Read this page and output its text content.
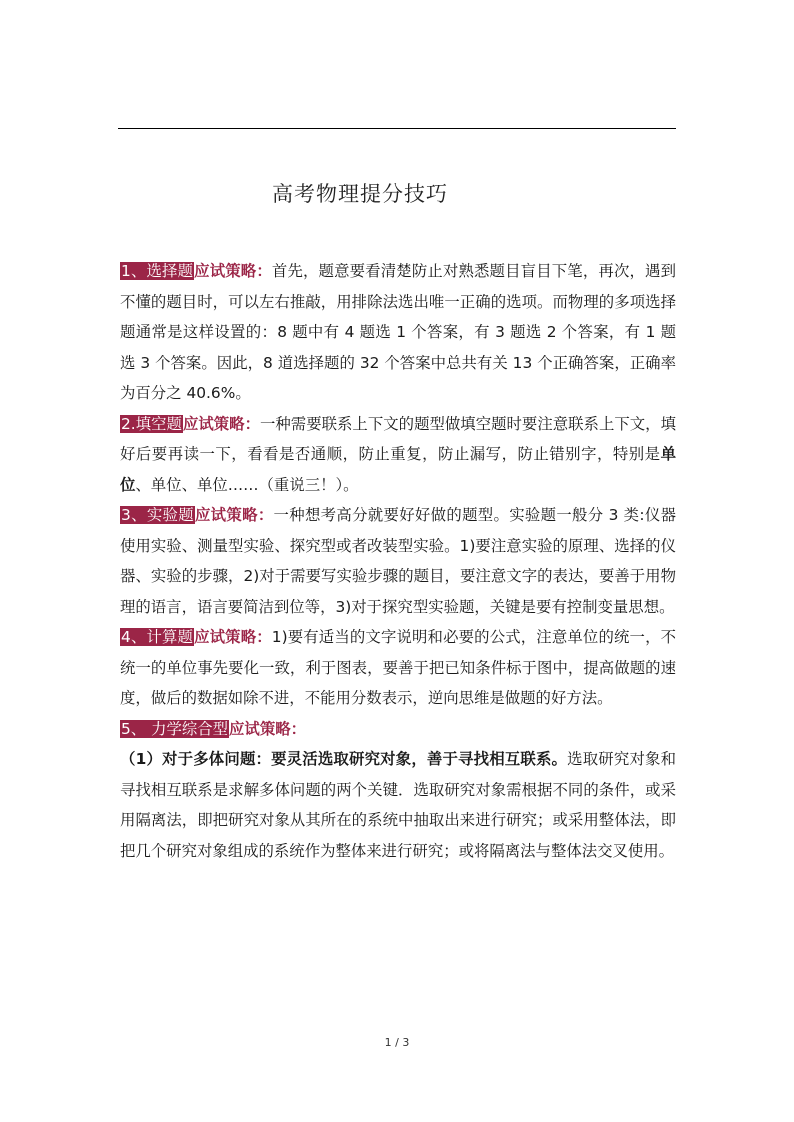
高考物理提分技巧

1、选择题应试策略：首先，题意要看清楚防止对熟悉题目盲目下笔，再次，遇到不懂的题目时，可以左右推敲，用排除法选出唯一正确的选项。而物理的多项选择题通常是这样设置的：8 题中有 4 题选 1 个答案，有 3 题选 2 个答案，有 1 题选 3 个答案。因此，8 道选择题的 32 个答案中总共有关 13 个正确答案，正确率为百分之 40.6%。

2.填空题应试策略：一种需要联系上下文的题型做填空题时要注意联系上下文，填好后要再读一下，看看是否通顺，防止重复，防止漏写，防止错别字，特别是单位、单位、单位……（重说三！）。

3、实验题应试策略：一种想考高分就要好好做的题型。实验题一般分 3 类:仪器使用实验、测量型实验、探究型或者改装型实验。1)要注意实验的原理、选择的仪器、实验的步骤，2)对于需要写实验步骤的题目，要注意文字的表达，要善于用物理的语言，语言要简洁到位等，3)对于探究型实验题，关键是要有控制变量思想。

4、计算题应试策略：1)要有适当的文字说明和必要的公式，注意单位的统一，不统一的单位事先要化一致，利于图表，要善于把已知条件标于图中，提高做题的速度，做后的数据如除不进，不能用分数表示，逆向思维是做题的好方法。

5、 力学综合型应试策略：

（1）对于多体问题：要灵活选取研究对象，善于寻找相互联系。选取研究对象和寻找相互联系是求解多体问题的两个关键．选取研究对象需根据不同的条件，或采用隔离法，即把研究对象从其所在的系统中抽取出来进行研究；或采用整体法，即把几个研究对象组成的系统作为整体来进行研究；或将隔离法与整体法交叉使用。

1 / 3
